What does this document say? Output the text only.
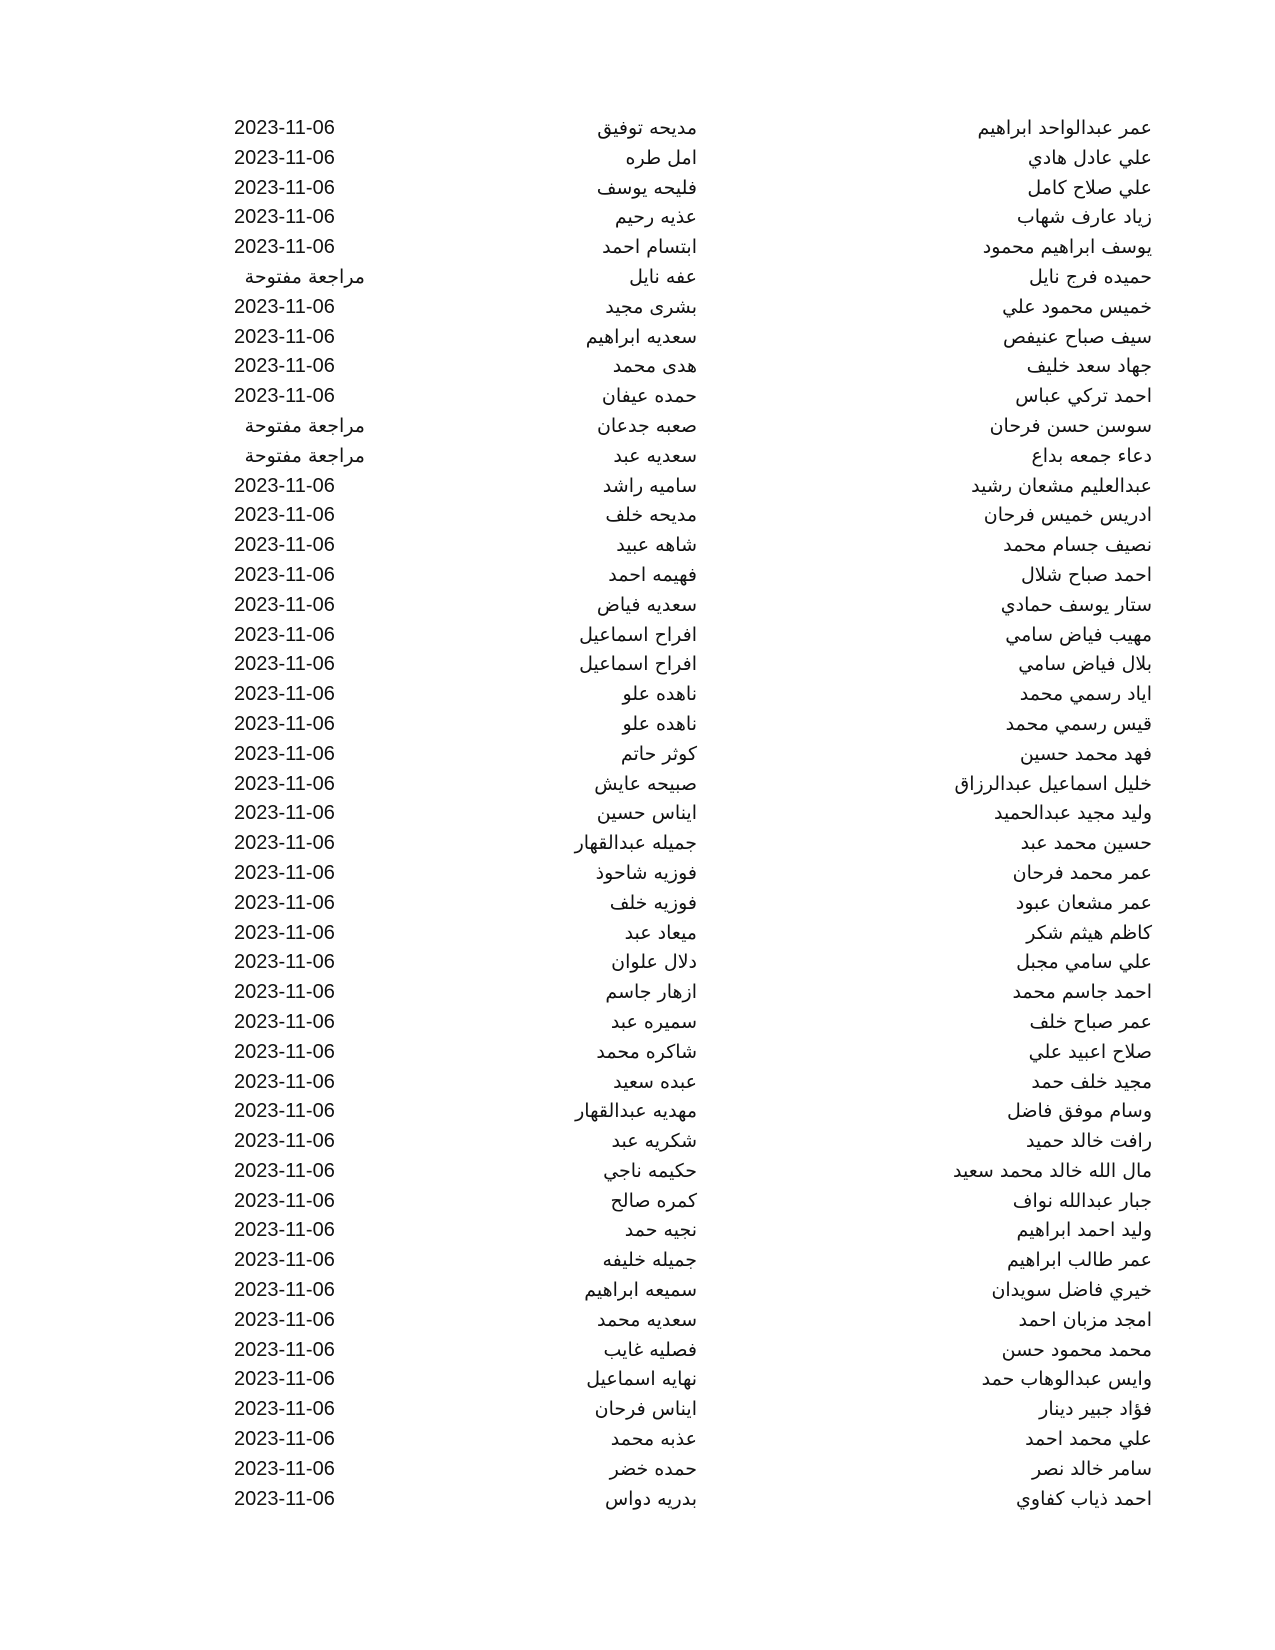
عمر عبدالواحد ابراهيم
مديحه توفيق
2023-11-06
علي عادل هادي
امل طره
2023-11-06
علي صلاح كامل
فليحه يوسف
2023-11-06
زياد عارف شهاب
عذيه رحيم
2023-11-06
يوسف ابراهيم محمود
ابتسام احمد
2023-11-06
حميده فرج نايل
عفه نايل
مراجعة مفتوحة
خميس محمود علي
بشرى مجيد
2023-11-06
سيف صباح عنيفص
سعديه ابراهيم
2023-11-06
جهاد سعد خليف
هدى محمد
2023-11-06
احمد تركي عباس
حمده عيفان
2023-11-06
سوسن حسن فرحان
صعبه جدعان
مراجعة مفتوحة
دعاء جمعه بداع
سعديه عبد
مراجعة مفتوحة
عبدالعليم مشعان رشيد
ساميه راشد
2023-11-06
ادريس خميس فرحان
مديحه خلف
2023-11-06
نصيف جسام محمد
شاهه عبيد
2023-11-06
احمد صباح شلال
فهيمه احمد
2023-11-06
ستار يوسف حمادي
سعديه فياض
2023-11-06
مهيب فياض سامي
افراح اسماعيل
2023-11-06
بلال فياض سامي
افراح اسماعيل
2023-11-06
اياد رسمي محمد
ناهده علو
2023-11-06
قيس رسمي محمد
ناهده علو
2023-11-06
فهد محمد حسين
كوثر حاتم
2023-11-06
خليل اسماعيل عبدالرزاق
صبيحه عايش
2023-11-06
وليد مجيد عبدالحميد
ايناس حسين
2023-11-06
حسين محمد عبد
جميله عبدالقهار
2023-11-06
عمر محمد فرحان
فوزيه شاحوذ
2023-11-06
عمر مشعان عبود
فوزيه خلف
2023-11-06
كاظم هيثم شكر
ميعاد عبد
2023-11-06
علي سامي مجبل
دلال علوان
2023-11-06
احمد جاسم محمد
ازهار جاسم
2023-11-06
عمر صباح خلف
سميره عبد
2023-11-06
صلاح اعبيد علي
شاكره محمد
2023-11-06
مجيد خلف حمد
عبده سعيد
2023-11-06
وسام موفق فاضل
مهديه عبدالقهار
2023-11-06
رافت خالد حميد
شكريه عبد
2023-11-06
مال الله خالد محمد سعيد
حكيمه ناجي
2023-11-06
جبار عبدالله نواف
كمره صالح
2023-11-06
وليد احمد ابراهيم
نجيه حمد
2023-11-06
عمر طالب ابراهيم
جميله خليفه
2023-11-06
خيري فاضل سويدان
سميعه ابراهيم
2023-11-06
امجد مزبان احمد
سعديه محمد
2023-11-06
محمد محمود حسن
فصليه غايب
2023-11-06
وايس عبدالوهاب حمد
نهايه اسماعيل
2023-11-06
فؤاد جبير دينار
ايناس فرحان
2023-11-06
علي محمد احمد
عذبه محمد
2023-11-06
سامر خالد نصر
حمده خضر
2023-11-06
احمد ذياب كفاوي
بدريه دواس
2023-11-06
